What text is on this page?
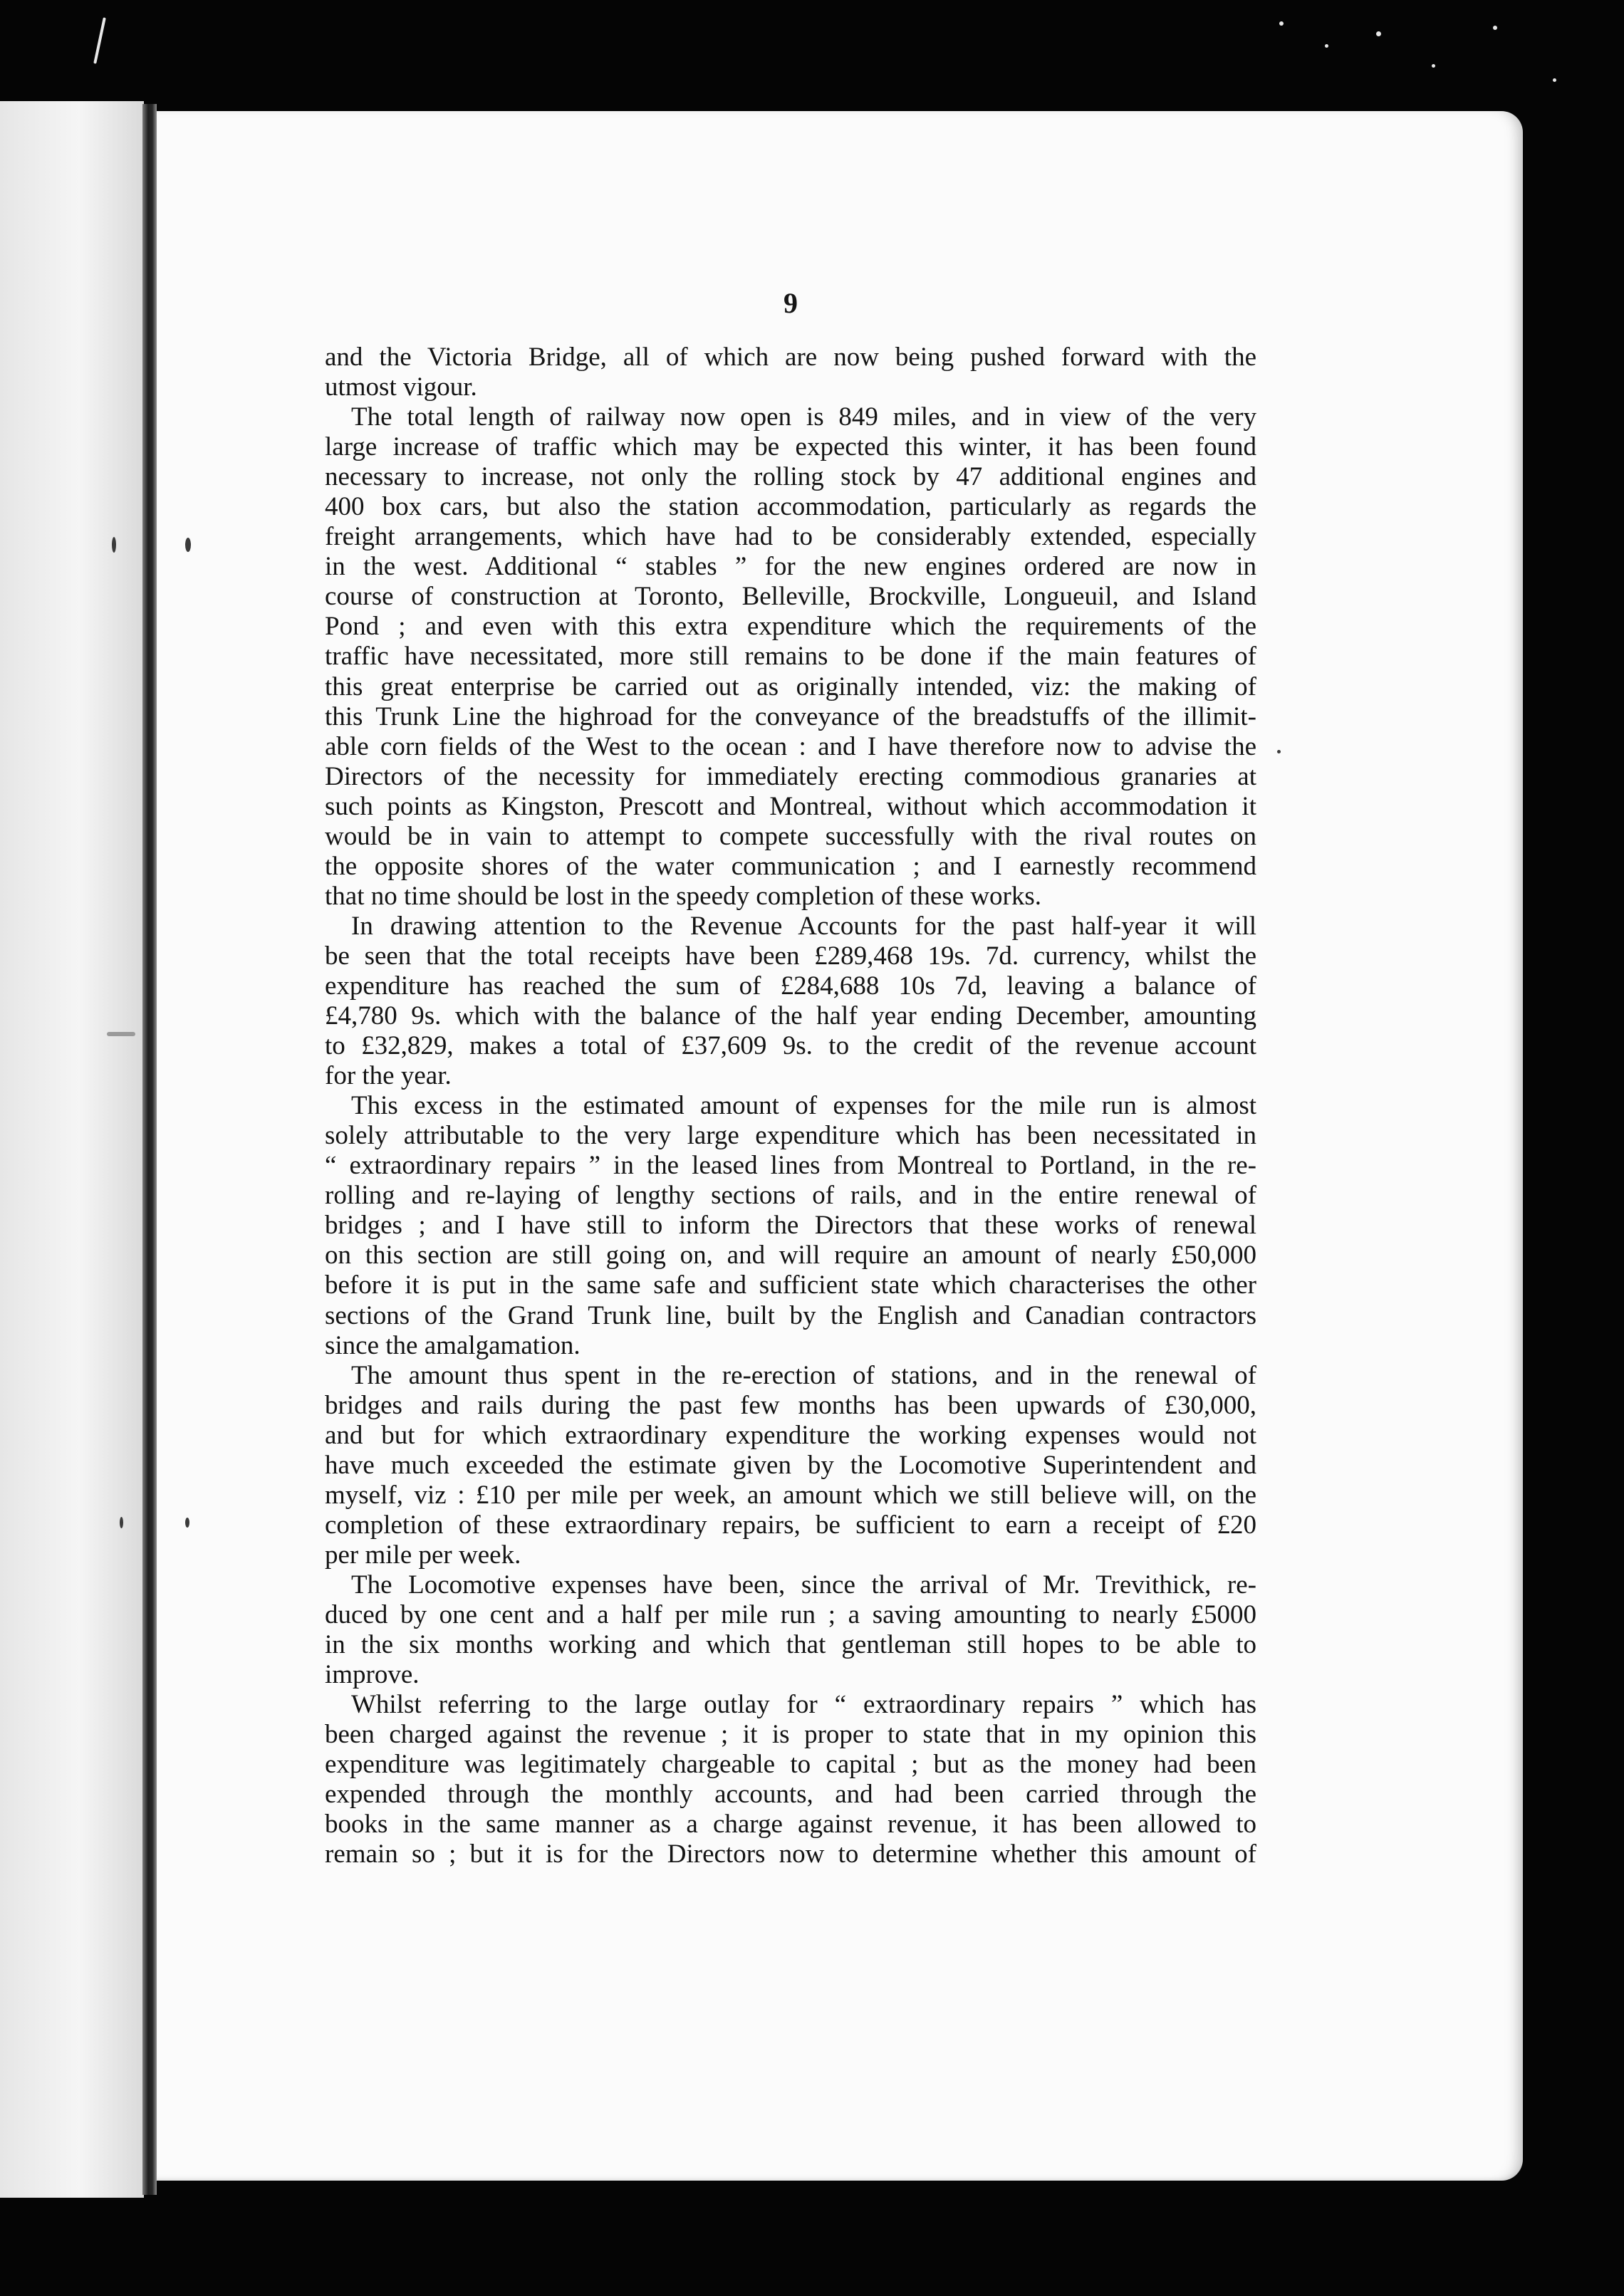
9
and the Victoria Bridge, all of which are now being pushed forward with the
utmost vigour.
The total length of railway now open is 849 miles, and in view of the very
large increase of traffic which may be expected this winter, it has been found
necessary to increase, not only the rolling stock by 47 additional engines and
400 box cars, but also the station accommodation, particularly as regards the
freight arrangements, which have had to be considerably extended, especially
in the west. Additional “ stables ” for the new engines ordered are now in
course of construction at Toronto, Belleville, Brockville, Longueuil, and Island
Pond ; and even with this extra expenditure which the requirements of the
traffic have necessitated, more still remains to be done if the main features of
this great enterprise be carried out as originally intended, viz: the making of
this Trunk Line the highroad for the conveyance of the breadstuffs of the illimit-
able corn fields of the West to the ocean : and I have therefore now to advise the
Directors of the necessity for immediately erecting commodious granaries at
such points as Kingston, Prescott and Montreal, without which accommodation it
would be in vain to attempt to compete successfully with the rival routes on
the opposite shores of the water communication ; and I earnestly recommend
that no time should be lost in the speedy completion of these works.
In drawing attention to the Revenue Accounts for the past half-year it will
be seen that the total receipts have been £289,468 19s. 7d. currency, whilst the
expenditure has reached the sum of £284,688 10s 7d, leaving a balance of
£4,780 9s. which with the balance of the half year ending December, amounting
to £32,829, makes a total of £37,609 9s. to the credit of the revenue account
for the year.
This excess in the estimated amount of expenses for the mile run is almost
solely attributable to the very large expenditure which has been necessitated in
“ extraordinary repairs ” in the leased lines from Montreal to Portland, in the re-
rolling and re-laying of lengthy sections of rails, and in the entire renewal of
bridges ; and I have still to inform the Directors that these works of renewal
on this section are still going on, and will require an amount of nearly £50,000
before it is put in the same safe and sufficient state which characterises the other
sections of the Grand Trunk line, built by the English and Canadian contractors
since the amalgamation.
The amount thus spent in the re-erection of stations, and in the renewal of
bridges and rails during the past few months has been upwards of £30,000,
and but for which extraordinary expenditure the working expenses would not
have much exceeded the estimate given by the Locomotive Superintendent and
myself, viz : £10 per mile per week, an amount which we still believe will, on the
completion of these extraordinary repairs, be sufficient to earn a receipt of £20
per mile per week.
The Locomotive expenses have been, since the arrival of Mr. Trevithick, re-
duced by one cent and a half per mile run ; a saving amounting to nearly £5000
in the six months working and which that gentleman still hopes to be able to
improve.
Whilst referring to the large outlay for “ extraordinary repairs ” which has
been charged against the revenue ; it is proper to state that in my opinion this
expenditure was legitimately chargeable to capital ; but as the money had been
expended through the monthly accounts, and had been carried through the
books in the same manner as a charge against revenue, it has been allowed to
remain so ; but it is for the Directors now to determine whether this amount of
